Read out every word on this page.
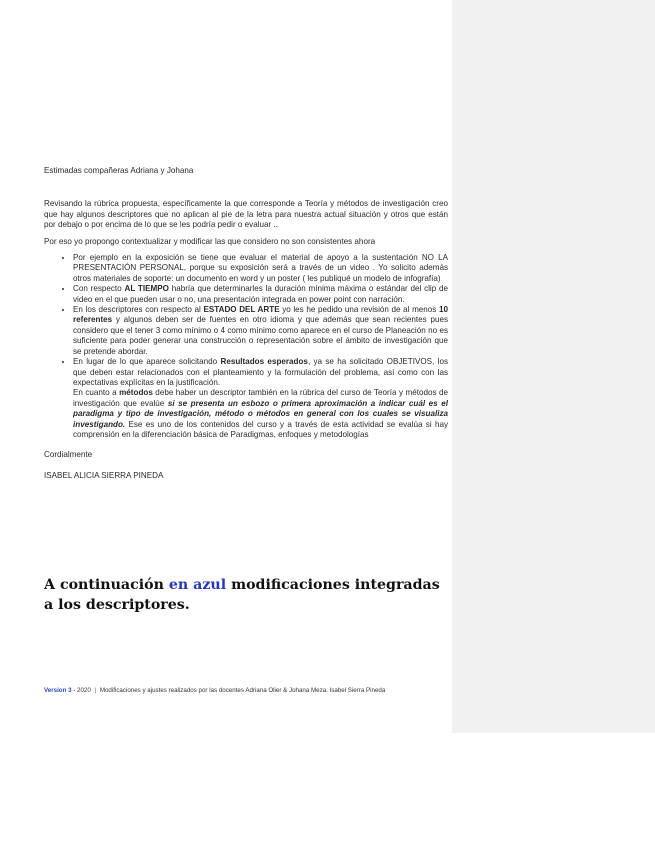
Estimadas compañeras Adriana y Johana

Revisando la rúbrica propuesta, específicamente la que corresponde a Teoría y métodos de investigación creo que hay algunos descriptores que no aplican al pie de la letra para nuestra actual situación y otros que están por debajo o por encima de lo que se les podría pedir o evaluar ..

Por eso yo propongo contextualizar y modificar las que considero no son consistentes ahora

• Por ejemplo en la exposición se tiene que evaluar el material de apoyo a la sustentación NO LA PRESENTACIÓN PERSONAL, porque su exposición será a través de un video . Yo solicito además otros materiales de soporte: un documento en word y un poster ( les publiqué un modelo de infografía)
• Con respecto AL TIEMPO habría que determinarles la duración mínima máxima o estándar del clip de video en el que pueden usar o no, una presentación integrada en power point con narración.
• En los descriptores con respecto al ESTADO DEL ARTE yo les he pedido una revisión de al menos 10 referentes y algunos deben ser de fuentes en otro idioma y que además que sean recientes pues considero que el tener 3 como mínimo o 4 como mínimo como aparece en el curso de Planeación no es suficiente para poder generar una construcción o representación sobre el ámbito de investigación que se pretende abordar.

• En lugar de lo que aparece solicitando Resultados esperados, ya se ha solicitado OBJETIVOS, los que deben estar relacionados con el planteamiento y la formulación del problema, así como con las expectativas explícitas en la justificación.

En cuanto a métodos debe haber un descriptor también en la rúbrica del curso de Teoría y métodos de investigación que evalúe si se presenta un esbozo o primera aproximación a indicar cuál es el paradigma y tipo de investigación, método o métodos en general con los cuales se visualiza investigando. Ese es uno de los contenidos del curso y a través de esta actividad se evalúa si hay comprensión en la diferenciación básica de Paradigmas, enfoques y metodologías

Cordialmente

ISABEL ALICIA SIERRA PINEDA

A continuación en azul modificaciones integradas a los descriptores.
Version 3 - 2020 | Modificaciones y ajustes realizados por las docentes Adriana Olier & Johana Meza. Isabel Sierra Pineda
